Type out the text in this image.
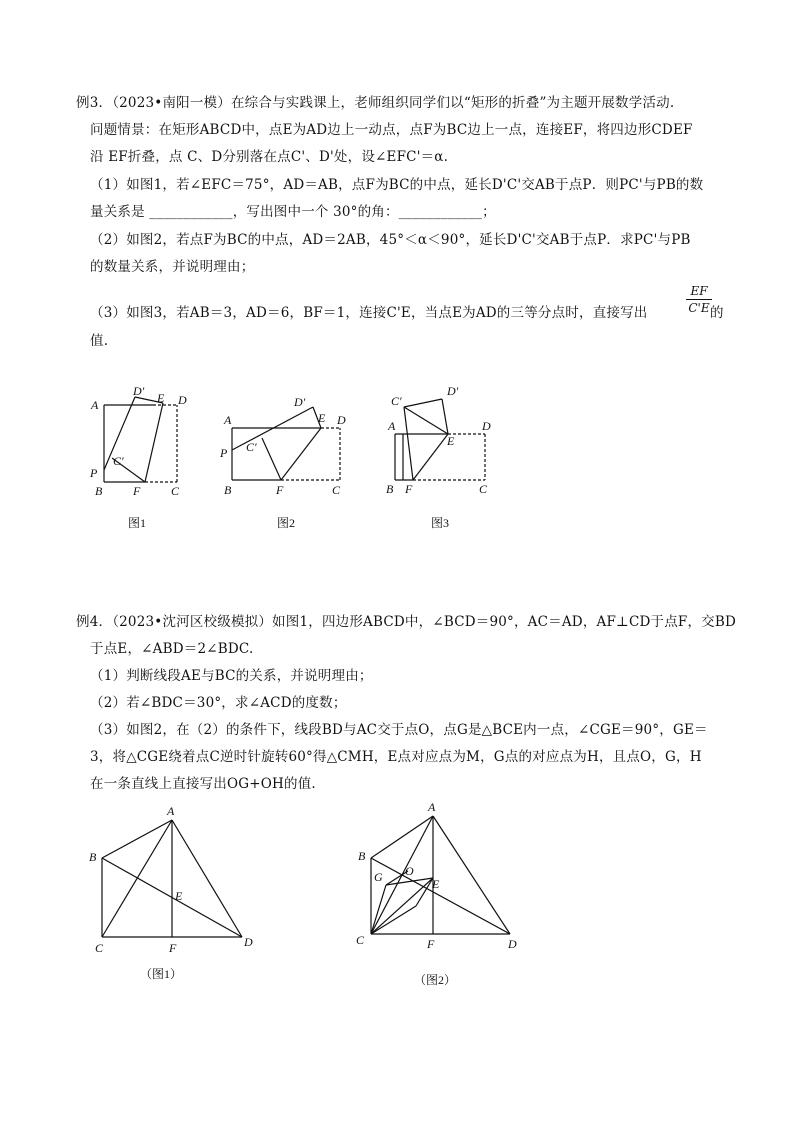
例3．（2023•南阳一模）在综合与实践课上，老师组织同学们以“矩形的折叠”为主题开展数学活动.
问题情景：在矩形ABCD中，点E为AD边上一动点，点F为BC边上一点，连接EF，将四边形CDEF
沿 EF折叠，点 C、D分别落在点C'、D'处，设∠EFC'＝α.
（1）如图1，若∠EFC＝75°，AD＝AB，点F为BC的中点，延长D'C'交AB于点P．则PC'与PB的数
量关系是 ____________，写出图中一个 30°的角：____________；
（2）如图2，若点F为BC的中点，AD＝2AB，45°＜α＜90°，延长D'C'交AB于点P．求PC'与PB
的数量关系，并说明理由；
（3）如图3，若AB＝3，AD＝6，BF＝1，连接C'E，当点E为AD的三等分点时，直接写出	$\frac{EF}{C'E}$
的
值.
A
D′ E D
C′
P
B	F	C
图1
A
D′
E D
C′
P
B	F	C
图2
C′
D′
A	D
E
B F	C
图3
例4．（2023•沈河区校级模拟）如图1，四边形ABCD中，∠BCD＝90°，AC＝AD，AF⊥CD于点F，交BD
于点E，∠ABD＝2∠BDC.
（1）判断线段AE与BC的关系，并说明理由；
（2）若∠BDC＝30°，求∠ACD的度数；
（3）如图2，在（2）的条件下，线段BD与AC交于点O，点G是△BCE内一点，∠CGE＝90°，GE＝
3，将△CGE绕着点C逆时针旋转60°得△CMH，E点对应点为M，G点的对应点为H，且点O，G，H
在一条直线上直接写出OG+OH的值.
A
B
E
C	F	D
（图1）
A
B
O
G	E
C	F	D
（图2）
